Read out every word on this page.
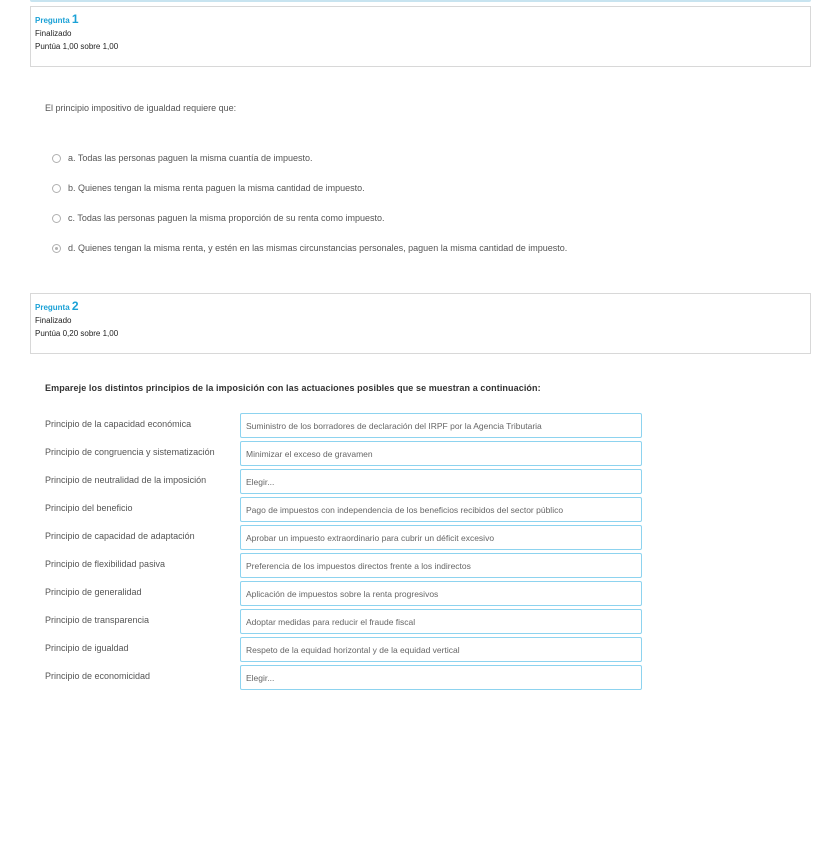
Pregunta 1
Finalizado
Puntúa 1,00 sobre 1,00
El principio impositivo de igualdad requiere que:
a. Todas las personas paguen la misma cuantía de impuesto.
b. Quienes tengan la misma renta paguen la misma cantidad de impuesto.
c. Todas las personas paguen la misma proporción de su renta como impuesto.
d. Quienes tengan la misma renta, y estén en las mismas circunstancias personales, paguen la misma cantidad de impuesto.
Pregunta 2
Finalizado
Puntúa 0,20 sobre 1,00
Empareje los distintos principios de la imposición con las actuaciones posibles que se muestran a continuación:
Principio de la capacidad económica	Suministro de los borradores de declaración del IRPF por la Agencia Tributaria
Principio de congruencia y sistematización	Minimizar el exceso de gravamen
Principio de neutralidad de la imposición	Elegir...
Principio del beneficio	Pago de impuestos con independencia de los beneficios recibidos del sector público
Principio de capacidad de adaptación	Aprobar un impuesto extraordinario para cubrir un déficit excesivo
Principio de flexibilidad pasiva	Preferencia de los impuestos directos frente a los indirectos
Principio de generalidad	Aplicación de impuestos sobre la renta progresivos
Principio de transparencia	Adoptar medidas para reducir el fraude fiscal
Principio de igualdad	Respeto de la equidad horizontal y de la equidad vertical
Principio de economicidad	Elegir...
